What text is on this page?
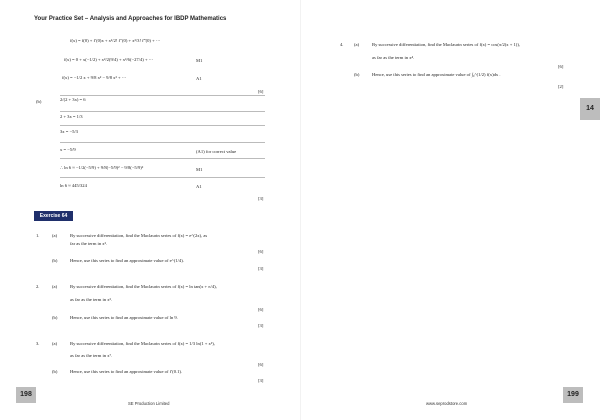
Your Practice Set – Analysis and Approaches for IBDP Mathematics
f(x) = f(0) + f′(0)x + x²/2! f″(0) + x³/3! f‴(0) + ⋯
f(x) = 0 + x(−1/2) + x²/2(9/4) + x³/6(−27/4) + ⋯	M1
f(x) = −1/2 x + 9/8 x² − 9/8 x³ + ⋯	A1
[6]
(b)	2/(2 + 3x) = 6
2 + 3x = 1/3
3x = −5/3
x = −5/9	(A1) for correct value
∴ ln 6 ≈ −1/2(−5/9) + 9/8(−5/9)² − 9/8(−5/9)³	M1
ln 6 ≈ 445/324	A1
[3]
Exercise 64
1.	(a)	By successive differentiation, find the Maclaurin series of f(x) = e^(2x), as
far as the term in x³.
[6]
(b)	Hence, use this series to find an approximate value of e^(1/4).
[3]
2.	(a)	By successive differentiation, find the Maclaurin series of f(x) = ln tan(x + π/4),
as far as the term in x³.
[6]
(b)	Hence, use this series to find an approximate value of ln 9.
[3]
3.	(a)	By successive differentiation, find the Maclaurin series of f(x) = 1/3 ln(1 + x³),
as far as the term in x⁷.
[6]
(b)	Hence, use this series to find an approximate value of f′(0.1).
[3]
198
SE Production Limited
4. (a)	By successive differentiation, find the Maclaurin series of f(x) = cos(π/2(x + 1)),
as far as the term in x⁴.
[6]
(b)	Hence, use this series to find an approximate value of ∫₀^(1/2) f(x)dx .
[2]
14
www.seprodstore.com
199
